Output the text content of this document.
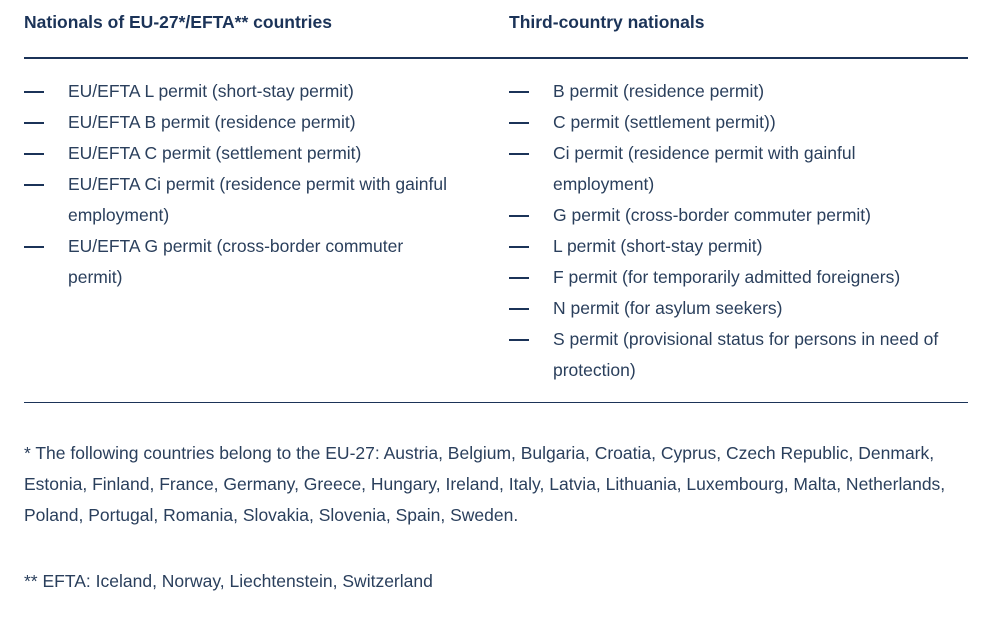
Nationals of EU-27*/EFTA** countries	Third-country nationals
EU/EFTA L permit (short-stay permit)
EU/EFTA B permit (residence permit)
EU/EFTA C permit (settlement permit)
EU/EFTA Ci permit (residence permit with gainful employment)
EU/EFTA G permit (cross-border commuter permit)
B permit (residence permit)
C permit (settlement permit))
Ci permit (residence permit with gainful employment)
G permit (cross-border commuter permit)
L permit (short-stay permit)
F permit (for temporarily admitted foreigners)
N permit (for asylum seekers)
S permit (provisional status for persons in need of protection)

* The following countries belong to the EU-27: Austria, Belgium, Bulgaria, Croatia, Cyprus, Czech Republic, Denmark, Estonia, Finland, France, Germany, Greece, Hungary, Ireland, Italy, Latvia, Lithuania, Luxembourg, Malta, Netherlands, Poland, Portugal, Romania, Slovakia, Slovenia, Spain, Sweden.

** EFTA: Iceland, Norway, Liechtenstein, Switzerland
